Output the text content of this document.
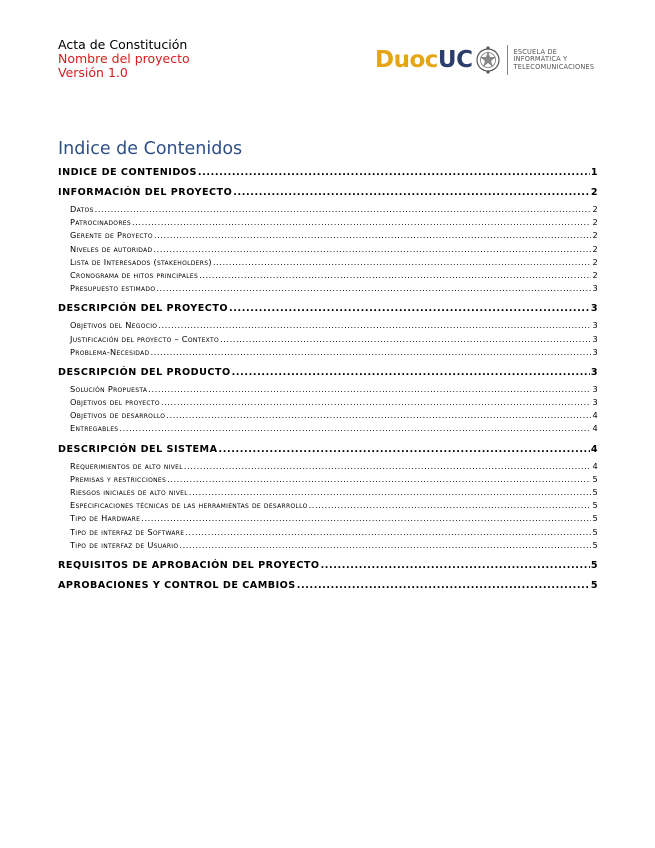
Acta de Constitución
Nombre del proyecto
Versión 1.0	Duoc UC	ESCUELA DE
INFORMÁTICA Y
TELECOMUNICACIONES
Indice de Contenidos
INDICE DE CONTENIDOS .....	1
INFORMACIÓN DEL PROYECTO .....	2
Datos .....	2
Patrocinadores .....	2
Gerente de Proyecto .....	2
Niveles de autoridad .....	2
Lista de Interesados (stakeholders) .....	2
Cronograma de hitos principales .....	2
Presupuesto estimado .....	3
DESCRIPCIÓN DEL PROYECTO .....	3
Objetivos del Negocio .....	3
Justificación del proyecto – Contexto .....	3
Problema-Necesidad .....	3
DESCRIPCIÓN DEL PRODUCTO .....	3
Solución Propuesta .....	3
Objetivos del proyecto .....	3
Objetivos de desarrollo .....	4
Entregables .....	4
DESCRIPCIÓN DEL SISTEMA .....	4
Requerimientos de alto nivel .....	4
Premisas y restricciones .....	5
Riesgos iniciales de alto nivel .....	5
Especificaciones técnicas de las herramientas de desarrollo .....	5
Tipo de Hardware .....	5
Tipo de interfaz de Software .....	5
Tipo de interfaz de Usuario .....	5
REQUISITOS DE APROBACIÓN DEL PROYECTO .....	5
APROBACIONES Y CONTROL DE CAMBIOS .....	5
